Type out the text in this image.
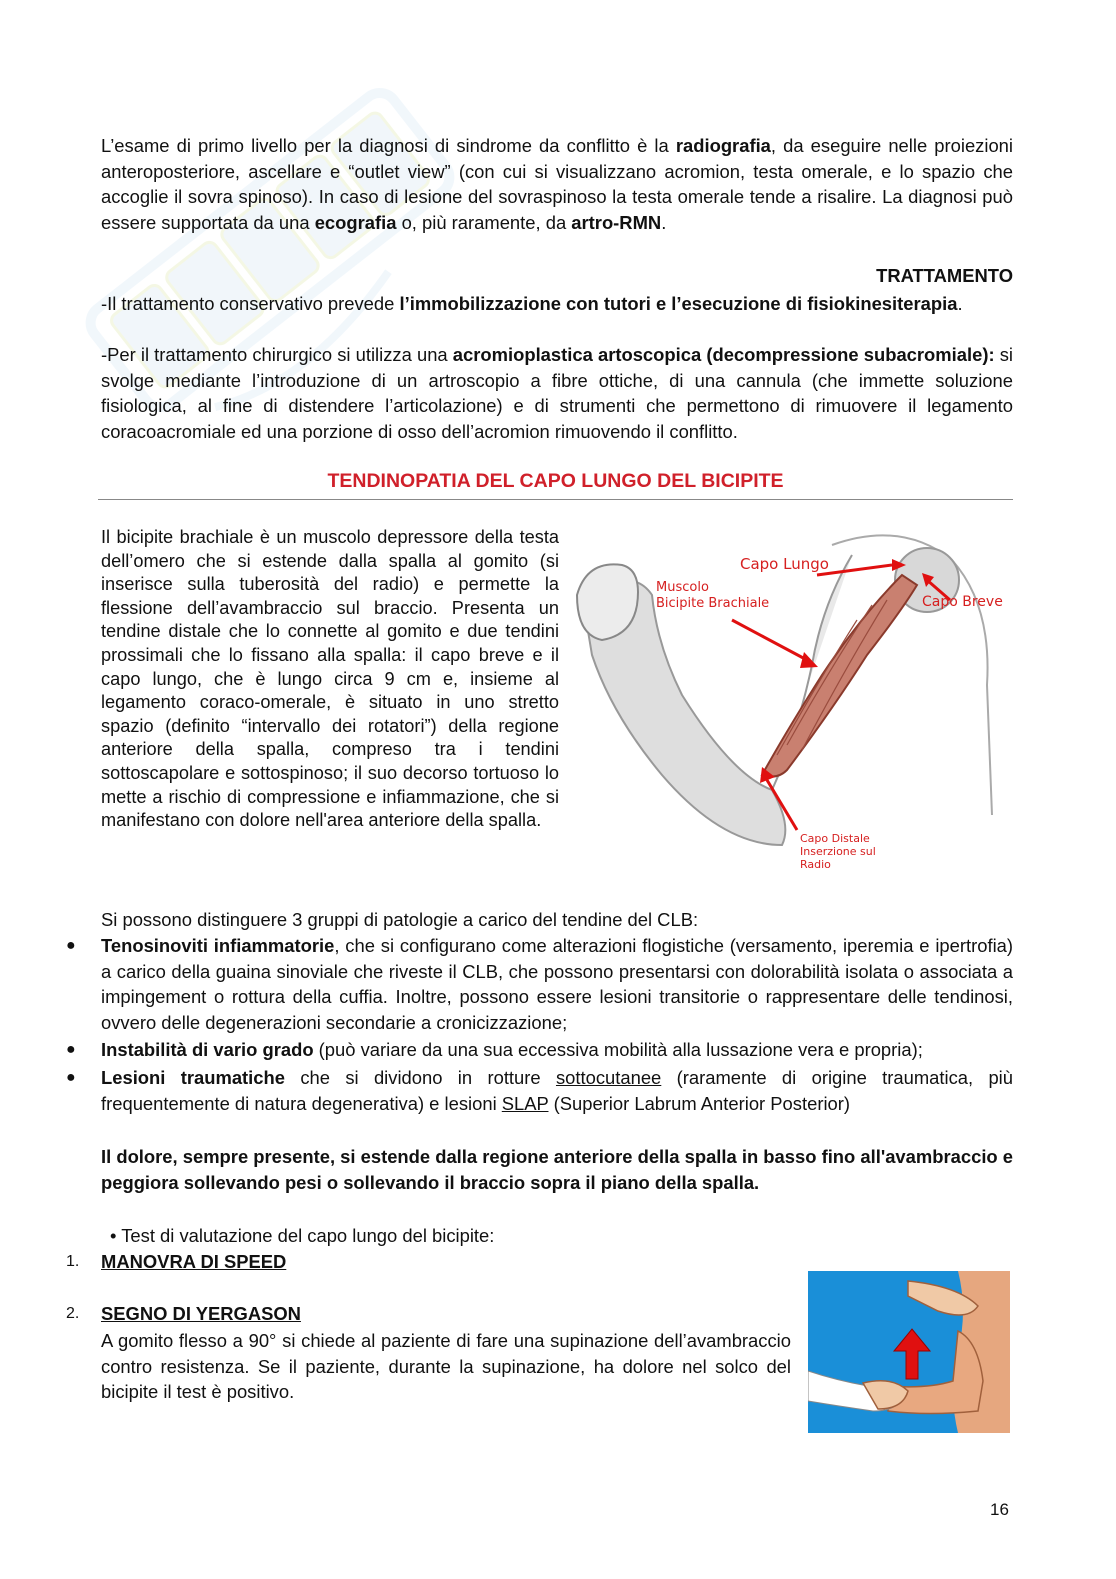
L’esame di primo livello per la diagnosi di sindrome da conflitto è la radiografia, da eseguire nelle proiezioni anteroposteriore, ascellare e “outlet view” (con cui si visualizzano acromion, testa omerale, e lo spazio che accoglie il sovra spinoso). In caso di lesione del sovraspinoso la testa omerale tende a risalire. La diagnosi può essere supportata da una ecografia o, più raramente, da artro-RMN.

TRATTAMENTO

-Il trattamento conservativo prevede l’immobilizzazione con tutori e l’esecuzione di fisiokinesiterapia.

-Per il trattamento chirurgico si utilizza una acromioplastica artoscopica (decompressione subacromiale): si svolge mediante l’introduzione di un artroscopio a fibre ottiche, di una cannula (che immette soluzione fisiologica, al fine di distendere l’articolazione) e di strumenti che permettono di rimuovere il legamento coracoacromiale ed una porzione di osso dell’acromion rimuovendo il conflitto.

TENDINOPATIA DEL CAPO LUNGO DEL BICIPITE

Il bicipite brachiale è un muscolo depressore della testa dell’omero che si estende dalla spalla al gomito (si inserisce sulla tuberosità del radio) e permette la flessione dell’avambraccio sul braccio. Presenta un tendine distale che lo connette al gomito e due tendini prossimali che lo fissano alla spalla: il capo breve e il capo lungo, che è lungo circa 9 cm e, insieme al legamento coraco-omerale, è situato in uno stretto spazio (definito “intervallo dei rotatori”) della regione anteriore della spalla, compreso tra i tendini sottoscapolare e sottospinoso; il suo decorso tortuoso lo mette a rischio di compressione e infiammazione, che si manifestano con dolore nell'area anteriore della spalla.

Capo Lungo
Capo Breve
Muscolo
Bicipite Brachiale
Capo Distale
Inserzione sul
Radio

Si possono distinguere 3 gruppi di patologie a carico del tendine del CLB:

● Tenosinoviti infiammatorie, che si configurano come alterazioni flogistiche (versamento, iperemia e ipertrofia) a carico della guaina sinoviale che riveste il CLB, che possono presentarsi con dolorabilità isolata o associata a impingement o rottura della cuffia. Inoltre, possono essere lesioni transitorie o rappresentare delle tendinosi, ovvero delle degenerazioni secondarie a cronicizzazione;
● Instabilità di vario grado (può variare da una sua eccessiva mobilità alla lussazione vera e propria);
● Lesioni traumatiche che si dividono in rotture sottocutanee (raramente di origine traumatica, più frequentemente di natura degenerativa) e lesioni SLAP (Superior Labrum Anterior Posterior)

Il dolore, sempre presente, si estende dalla regione anteriore della spalla in basso fino all'avambraccio e peggiora sollevando pesi o sollevando il braccio sopra il piano della spalla.

• Test di valutazione del capo lungo del bicipite:

1. MANOVRA DI SPEED
2. SEGNO DI YERGASON

A gomito flesso a 90° si chiede al paziente di fare una supinazione dell’avambraccio contro resistenza. Se il paziente, durante la supinazione, ha dolore nel solco del bicipite il test è positivo.

16
